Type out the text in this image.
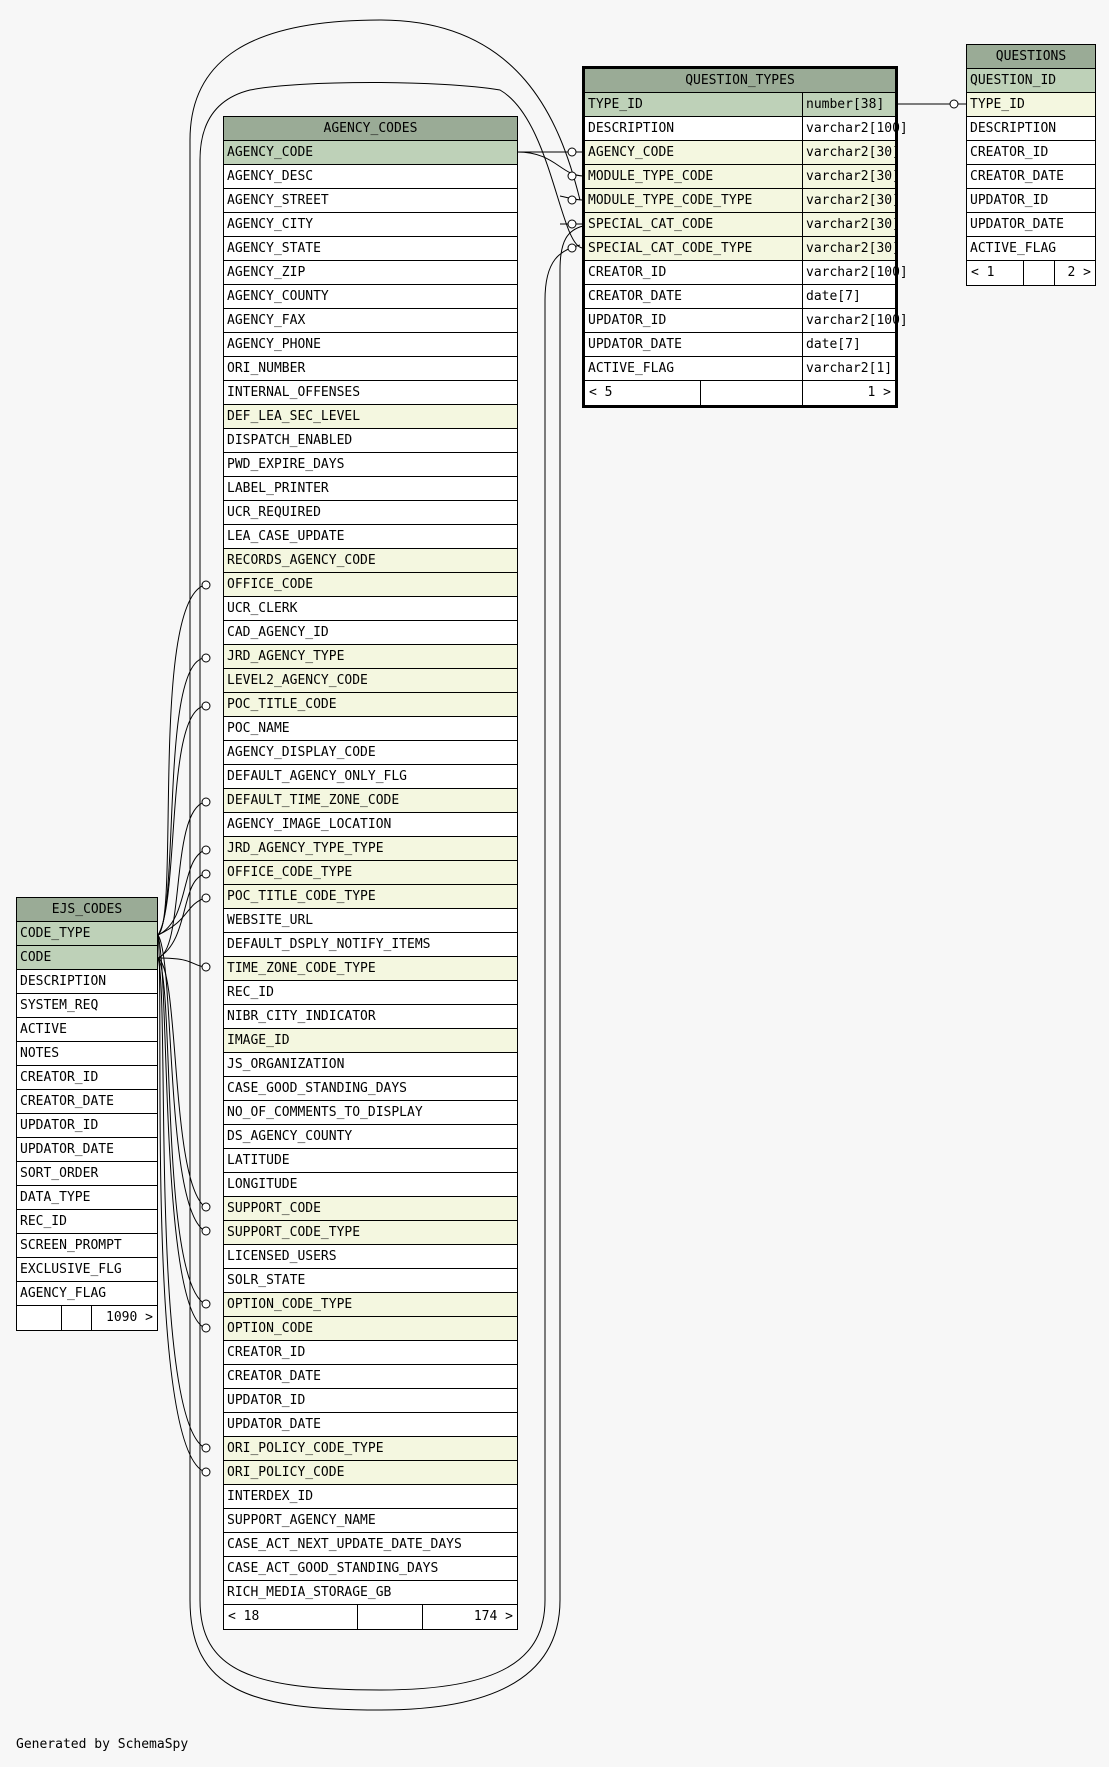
QUESTION_TYPES
TYPE_ID	number[38]
DESCRIPTION	varchar2[100]
AGENCY_CODE	varchar2[30]
MODULE_TYPE_CODE	varchar2[30]
MODULE_TYPE_CODE_TYPE	varchar2[30]
SPECIAL_CAT_CODE	varchar2[30]
SPECIAL_CAT_CODE_TYPE	varchar2[30]
CREATOR_ID	varchar2[100]
CREATOR_DATE	date[7]
UPDATOR_ID	varchar2[100]
UPDATOR_DATE	date[7]
ACTIVE_FLAG	varchar2[1]
< 5	1 >
QUESTIONS
QUESTION_ID
TYPE_ID
DESCRIPTION
CREATOR_ID
CREATOR_DATE
UPDATOR_ID
UPDATOR_DATE
ACTIVE_FLAG
< 1	2 >
AGENCY_CODES
AGENCY_CODE
AGENCY_DESC
AGENCY_STREET
AGENCY_CITY
AGENCY_STATE
AGENCY_ZIP
AGENCY_COUNTY
AGENCY_FAX
AGENCY_PHONE
ORI_NUMBER
INTERNAL_OFFENSES
DEF_LEA_SEC_LEVEL
DISPATCH_ENABLED
PWD_EXPIRE_DAYS
LABEL_PRINTER
UCR_REQUIRED
LEA_CASE_UPDATE
RECORDS_AGENCY_CODE
OFFICE_CODE
UCR_CLERK
CAD_AGENCY_ID
JRD_AGENCY_TYPE
LEVEL2_AGENCY_CODE
POC_TITLE_CODE
POC_NAME
AGENCY_DISPLAY_CODE
DEFAULT_AGENCY_ONLY_FLG
DEFAULT_TIME_ZONE_CODE
AGENCY_IMAGE_LOCATION
JRD_AGENCY_TYPE_TYPE
OFFICE_CODE_TYPE
POC_TITLE_CODE_TYPE
WEBSITE_URL
DEFAULT_DSPLY_NOTIFY_ITEMS
TIME_ZONE_CODE_TYPE
REC_ID
NIBR_CITY_INDICATOR
IMAGE_ID
JS_ORGANIZATION
CASE_GOOD_STANDING_DAYS
NO_OF_COMMENTS_TO_DISPLAY
DS_AGENCY_COUNTY
LATITUDE
LONGITUDE
SUPPORT_CODE
SUPPORT_CODE_TYPE
LICENSED_USERS
SOLR_STATE
OPTION_CODE_TYPE
OPTION_CODE
CREATOR_ID
CREATOR_DATE
UPDATOR_ID
UPDATOR_DATE
ORI_POLICY_CODE_TYPE
ORI_POLICY_CODE
INTERDEX_ID
SUPPORT_AGENCY_NAME
CASE_ACT_NEXT_UPDATE_DATE_DAYS
CASE_ACT_GOOD_STANDING_DAYS
RICH_MEDIA_STORAGE_GB
< 18	174 >
EJS_CODES
CODE_TYPE
CODE
DESCRIPTION
SYSTEM_REQ
ACTIVE
NOTES
CREATOR_ID
CREATOR_DATE
UPDATOR_ID
UPDATOR_DATE
SORT_ORDER
DATA_TYPE
REC_ID
SCREEN_PROMPT
EXCLUSIVE_FLG
AGENCY_FLAG
1090 >
Generated by SchemaSpy
